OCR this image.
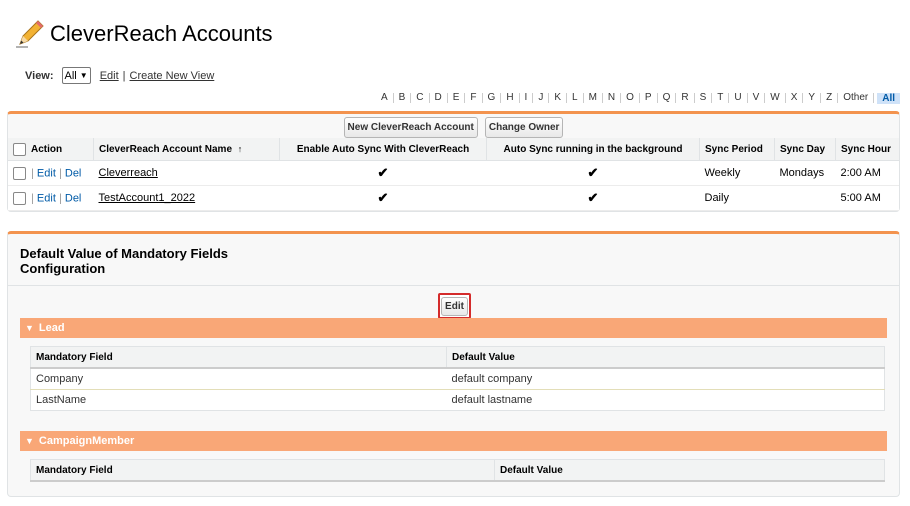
CleverReach Accounts
View: All ▼ Edit | Create New View
A	B	C	D	E	F	G	H	I	J	K	L	M	N	O	P	Q	R	S	T	U	V	W	X	Y	Z	Other	All
New CleverReach Account	Change Owner
Action	CleverReach Account Name ↑	Enable Auto Sync With CleverReach	Auto Sync running in the background	Sync Period	Sync Day	Sync Hour
| Edit | Del	Cleverreach	✔	✔	Weekly	Mondays	2:00 AM
| Edit | Del	TestAccount1_2022	✔	✔	Daily		5:00 AM
Default Value of Mandatory Fields Configuration
Edit
▼ Lead
Mandatory Field	Default Value
Company	default company
LastName	default lastname
▼ CampaignMember
Mandatory Field	Default Value
